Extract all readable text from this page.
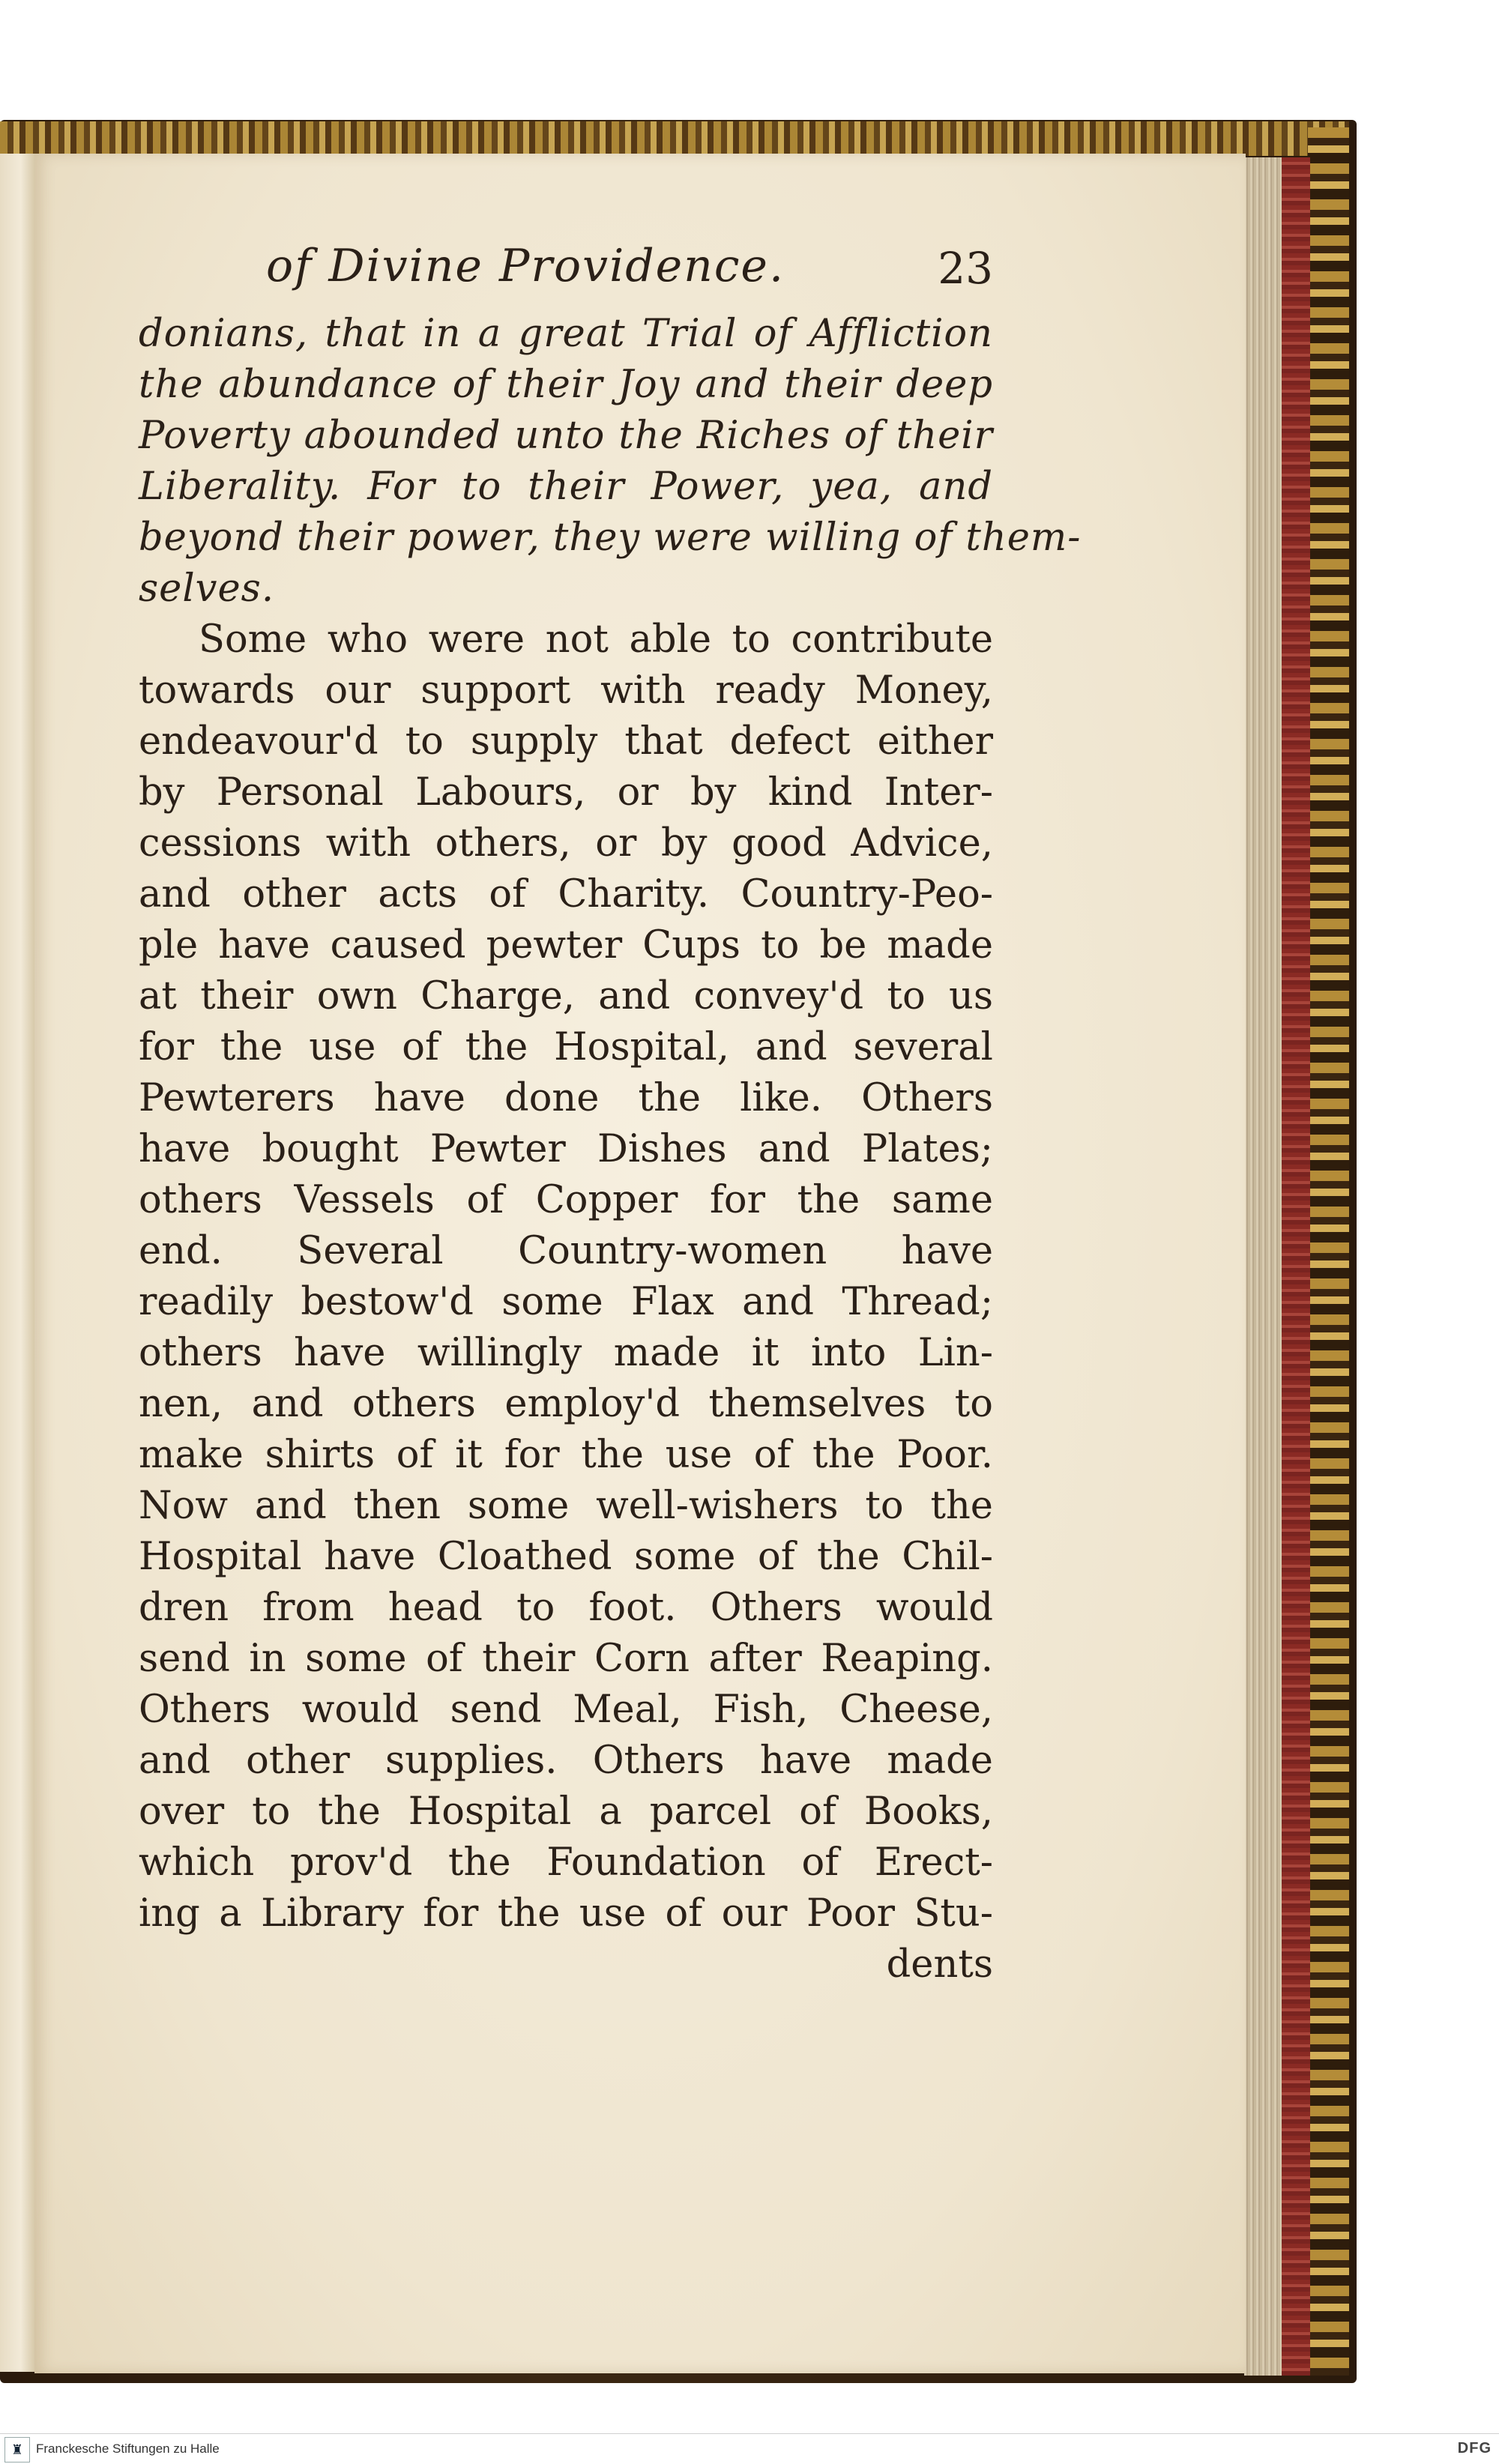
of Divine Providence.	23
donians, that in a great Trial of Affliction
the abundance of their Joy and their deep
Poverty abounded unto the Riches of their
Liberality. For to their Power, yea, and
beyond their power, they were willing of them-
selves.
Some who were not able to contribute
towards our support with ready Money,
endeavour'd to supply that defect either
by Personal Labours, or by kind Inter-
cessions with others, or by good Advice,
and other acts of Charity. Country-Peo-
ple have caused pewter Cups to be made
at their own Charge, and convey'd to us
for the use of the Hospital, and several
Pewterers have done the like. Others
have bought Pewter Dishes and Plates;
others Vessels of Copper for the same
end. Several Country-women have
readily bestow'd some Flax and Thread;
others have willingly made it into Lin-
nen, and others employ'd themselves to
make shirts of it for the use of the Poor.
Now and then some well-wishers to the
Hospital have Cloathed some of the Chil-
dren from head to foot. Others would
send in some of their Corn after Reaping.
Others would send Meal, Fish, Cheese,
and other supplies. Others have made
over to the Hospital a parcel of Books,
which prov'd the Foundation of Erect-
ing a Library for the use of our Poor Stu-
dents
♜ Franckesche Stiftungen zu Halle	DFG
